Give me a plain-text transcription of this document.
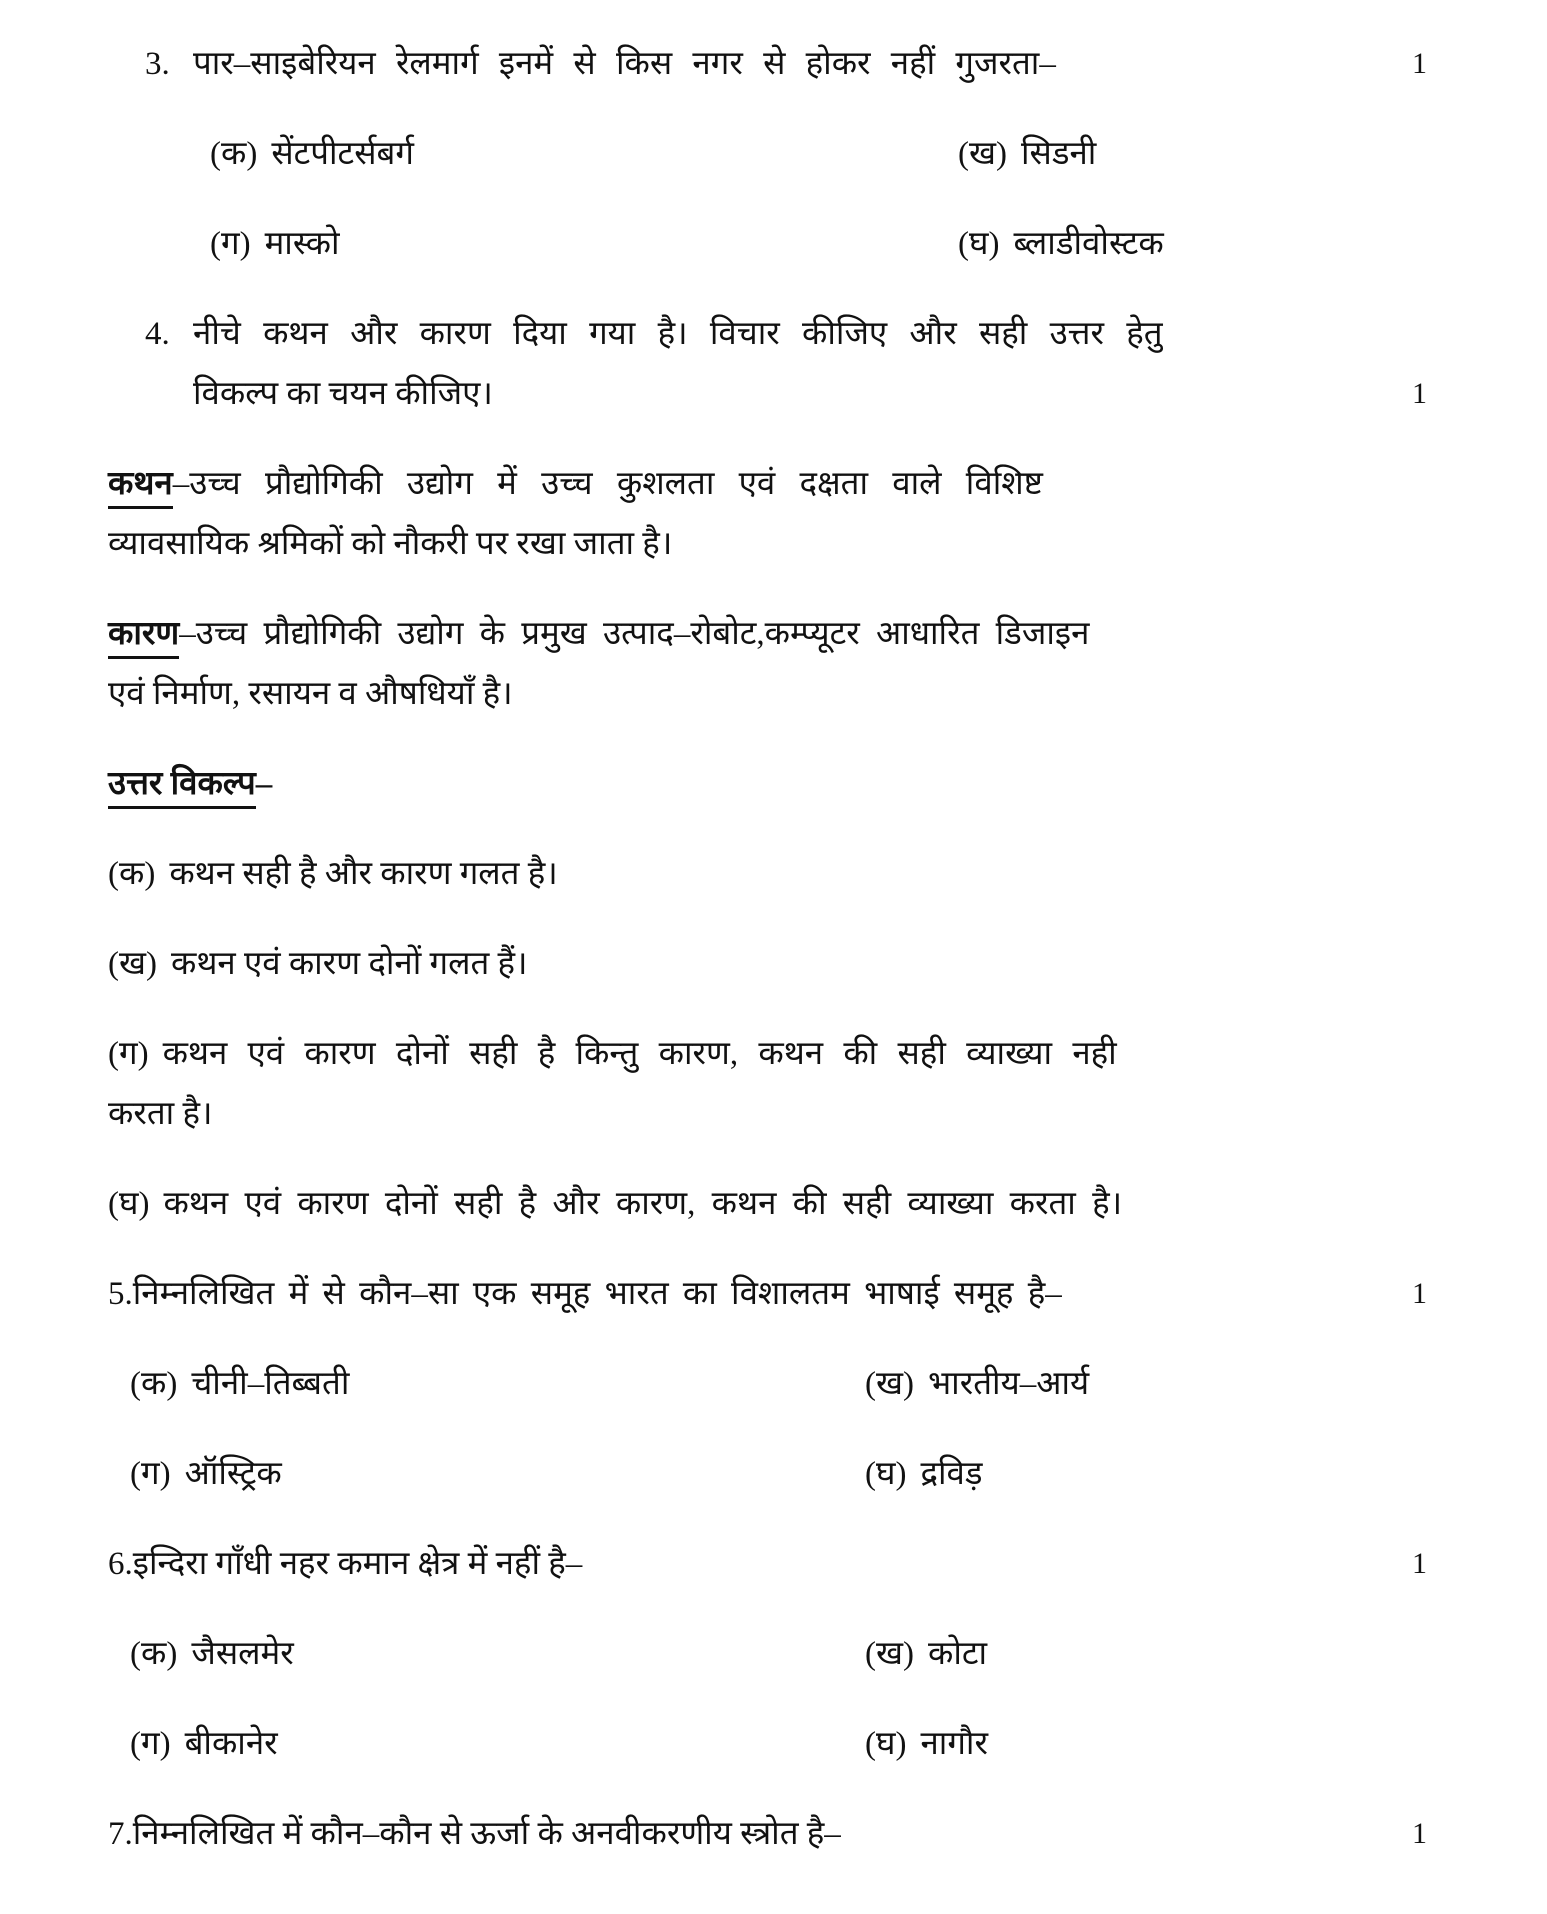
3. पार–साइबेरियन रेलमार्ग इनमें से किस नगर से होकर नहीं गुजरता–	1
(क) सेंटपीटर्सबर्ग	(ख) सिडनी
(ग) मास्को	(घ) ब्लाडीवोस्टक
4. नीचे कथन और कारण दिया गया है। विचार कीजिए और सही उत्तर हेतु
विकल्प का चयन कीजिए।	1
कथन–उच्च प्रौद्योगिकी उद्योग में उच्च कुशलता एवं दक्षता वाले विशिष्ट
व्यावसायिक श्रमिकों को नौकरी पर रखा जाता है।
कारण–उच्च प्रौद्योगिकी उद्योग के प्रमुख उत्पाद–रोबोट,कम्प्यूटर आधारित डिजाइन
एवं निर्माण, रसायन व औषधियाँ है।
उत्तर विकल्प–
(क) कथन सही है और कारण गलत है।
(ख) कथन एवं कारण दोनों गलत हैं।
(ग) कथन एवं कारण दोनों सही है किन्तु कारण, कथन की सही व्याख्या नही
करता है।
(घ) कथन एवं कारण दोनों सही है और कारण, कथन की सही व्याख्या करता है।
5.निम्नलिखित में से कौन–सा एक समूह भारत का विशालतम भाषाई समूह है–	1
(क) चीनी–तिब्बती	(ख) भारतीय–आर्य
(ग) ऑस्ट्रिक	(घ) द्रविड़
6.इन्दिरा गाँधी नहर कमान क्षेत्र में नहीं है–	1
(क) जैसलमेर	(ख) कोटा
(ग) बीकानेर	(घ) नागौर
7.निम्नलिखित में कौन–कौन से ऊर्जा के अनवीकरणीय स्त्रोत है–	1
